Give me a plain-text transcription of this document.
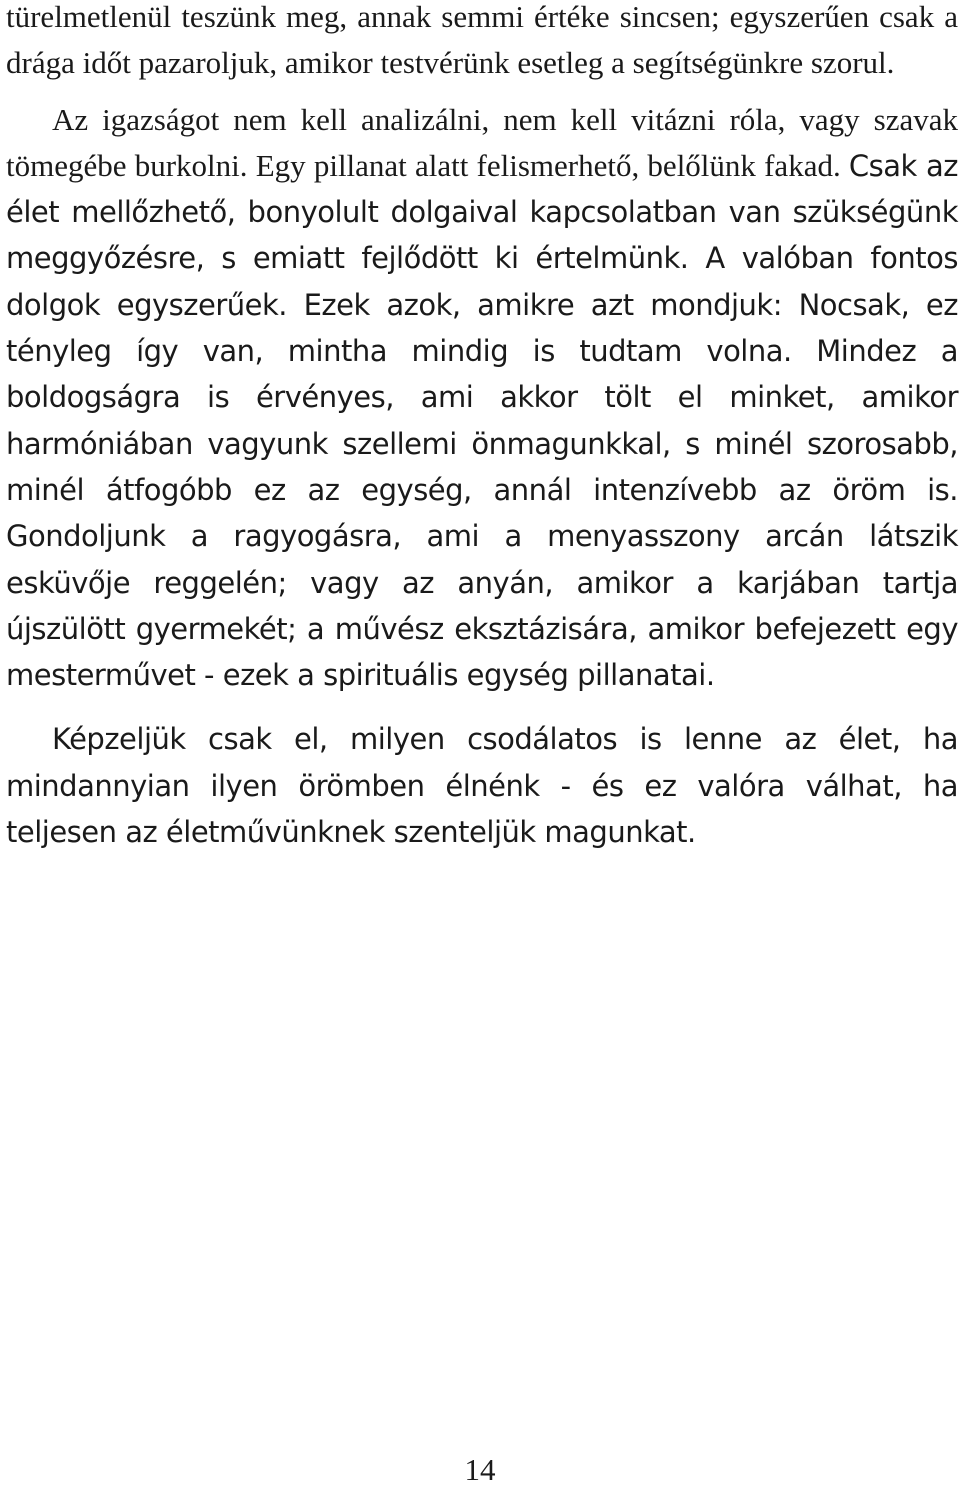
türelmetlenül teszünk meg, annak semmi értéke sincsen; egyszerűen csak a drága időt pazaroljuk, amikor testvérünk esetleg a segítségünkre szorul.

Az igazságot nem kell analizálni, nem kell vitázni róla, vagy szavak tömegébe burkolni. Egy pillanat alatt felismerhető, belőlünk fakad. Csak az élet mellőzhető, bonyolult dolgaival kapcsolatban van szükségünk meggyőzésre, s emiatt fejlődött ki értelmünk. A valóban fontos dolgok egyszerűek. Ezek azok, amikre azt mondjuk: Nocsak, ez tényleg így van, mintha mindig is tudtam volna. Mindez a boldogságra is érvényes, ami akkor tölt el minket, amikor harmóniában vagyunk szellemi önmagunkkal, s minél szorosabb, minél átfogóbb ez az egység, annál intenzívebb az öröm is. Gondoljunk a ragyogásra, ami a menyasszony arcán látszik esküvője reggelén; vagy az anyán, amikor a karjában tartja újszülött gyermekét; a művész eksztázisára, amikor befejezett egy mesterművet - ezek a spirituális egység pillanatai.

Képzeljük csak el, milyen csodálatos is lenne az élet, ha mindannyian ilyen örömben élnénk - és ez valóra válhat, ha teljesen az életművünknek szenteljük magunkat.

14
